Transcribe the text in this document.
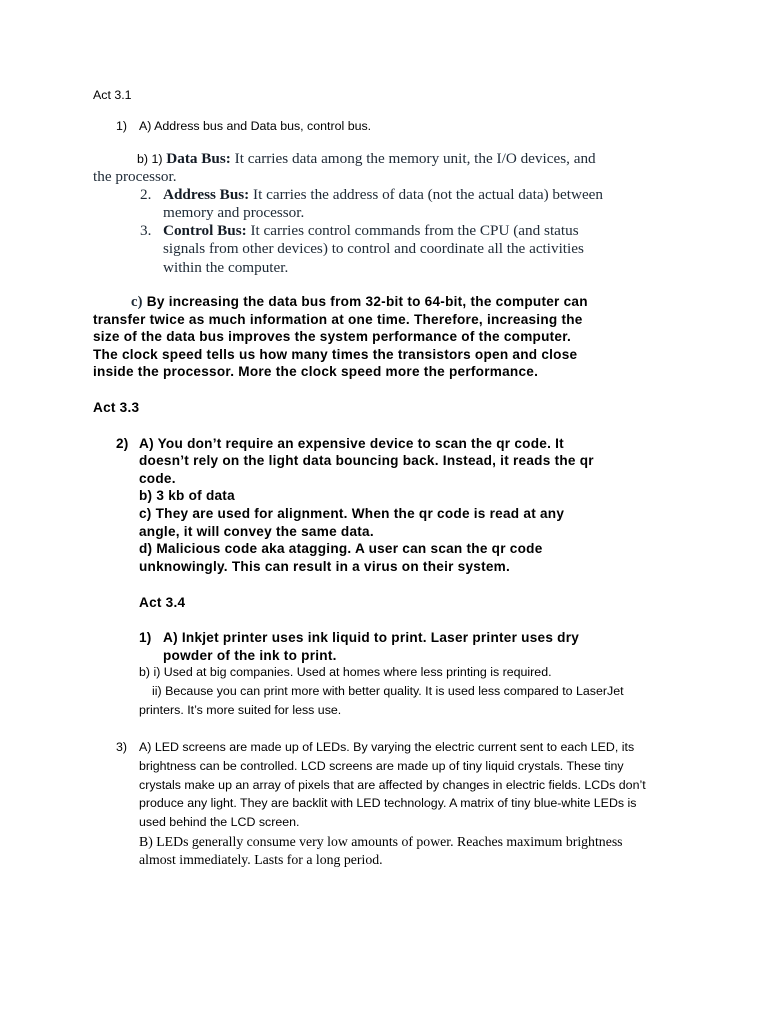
Act 3.1
1) A) Address bus and Data bus, control bus.
b) 1) Data Bus: It carries data among the memory unit, the I/O devices, and
the processor.
2. Address Bus: It carries the address of data (not the actual data) between
memory and processor.
3. Control Bus: It carries control commands from the CPU (and status
signals from other devices) to control and coordinate all the activities
within the computer.
c) By increasing the data bus from 32-bit to 64-bit, the computer can
transfer twice as much information at one time. Therefore, increasing the
size of the data bus improves the system performance of the computer.
The clock speed tells us how many times the transistors open and close
inside the processor. More the clock speed more the performance.
Act 3.3
2) A) You don’t require an expensive device to scan the qr code. It
doesn’t rely on the light data bouncing back. Instead, it reads the qr
code.
b) 3 kb of data
c) They are used for alignment. When the qr code is read at any
angle, it will convey the same data.
d) Malicious code aka atagging. A user can scan the qr code
unknowingly. This can result in a virus on their system.
Act 3.4
1) A) Inkjet printer uses ink liquid to print. Laser printer uses dry
powder of the ink to print.
b) i) Used at big companies. Used at homes where less printing is required.
ii) Because you can print more with better quality. It is used less compared to LaserJet
printers. It’s more suited for less use.
3) A) LED screens are made up of LEDs. By varying the electric current sent to each LED, its
brightness can be controlled. LCD screens are made up of tiny liquid crystals. These tiny
crystals make up an array of pixels that are affected by changes in electric fields. LCDs don’t
produce any light. They are backlit with LED technology. A matrix of tiny blue-white LEDs is
used behind the LCD screen.
B) LEDs generally consume very low amounts of power. Reaches maximum brightness
almost immediately. Lasts for a long period.
